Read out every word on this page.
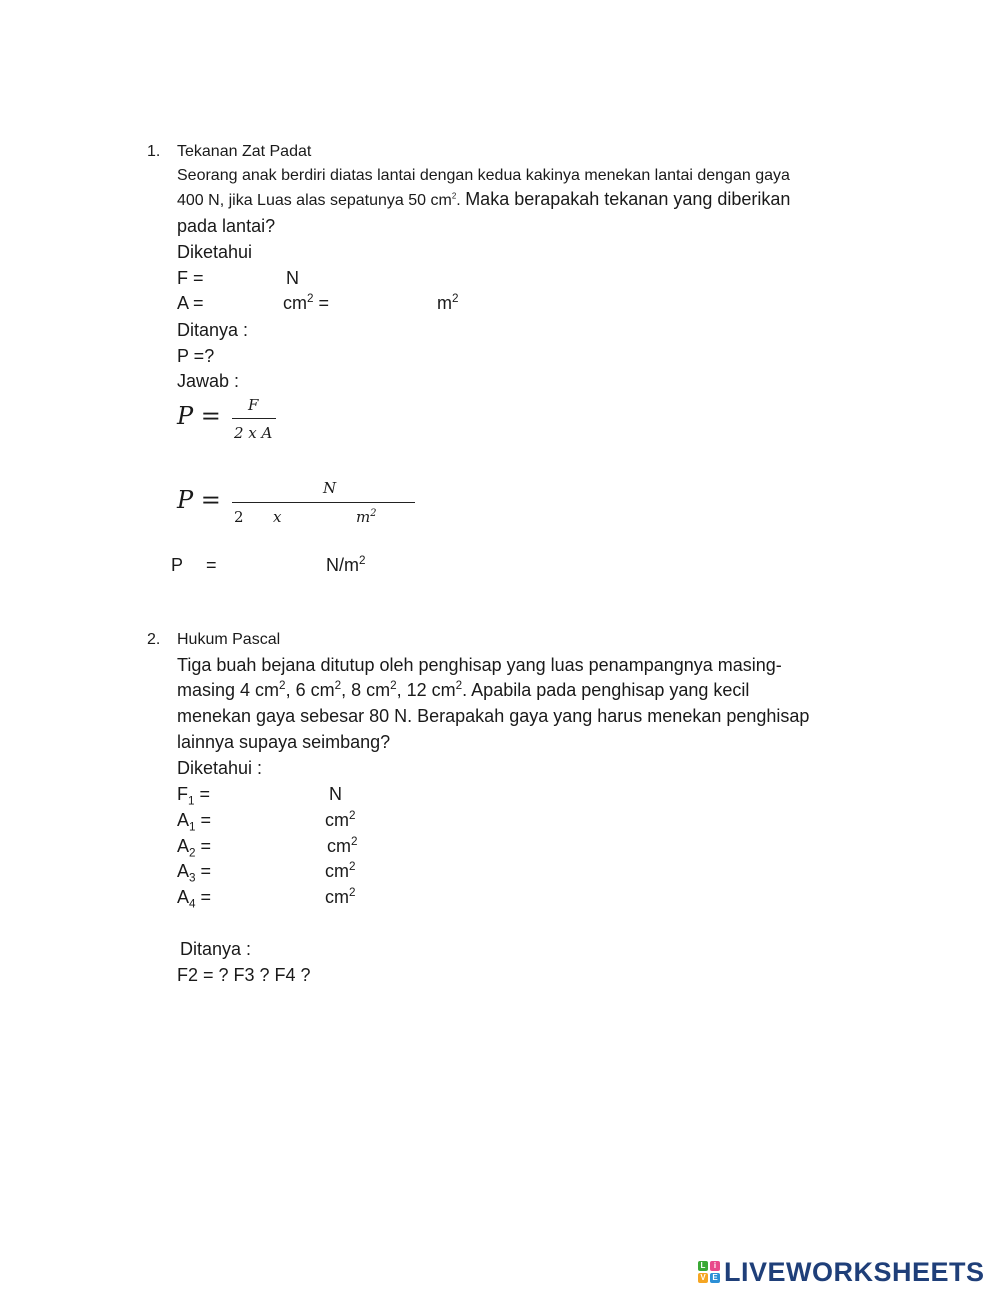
1. Tekanan Zat Padat
Seorang anak berdiri diatas lantai dengan kedua kakinya menekan lantai dengan gaya
400 N, jika Luas alas sepatunya 50 $cm^2$. Maka berapakah tekanan yang diberikan
pada lantai?
Diketahui
F =	N
A =	$cm^2$ =	$m^2$
Ditanya :
P =?
Jawab :
P = F
2 x A
P =	N
2 x	$m^2$
P =	$N/m^2$
2. Hukum Pascal
Tiga buah bejana ditutup oleh penghisap yang luas penampangnya masing-
masing 4 $cm^2$, 6 $cm^2$, 8 $cm^2$, 12 $cm^2$. Apabila pada penghisap yang kecil
menekan gaya sebesar 80 N. Berapakah gaya yang harus menekan penghisap
lainnya supaya seimbang?
Diketahui :
$F_1$ =	N
$A_1$ =	$cm^2$
$A_2$ =	$cm^2$
$A_3$ =	$cm^2$
$A_4$ =	$cm^2$
Ditanya :
F2 = ? F3 ? F4 ?
L	i
V E LIVEWORKSHEETS
